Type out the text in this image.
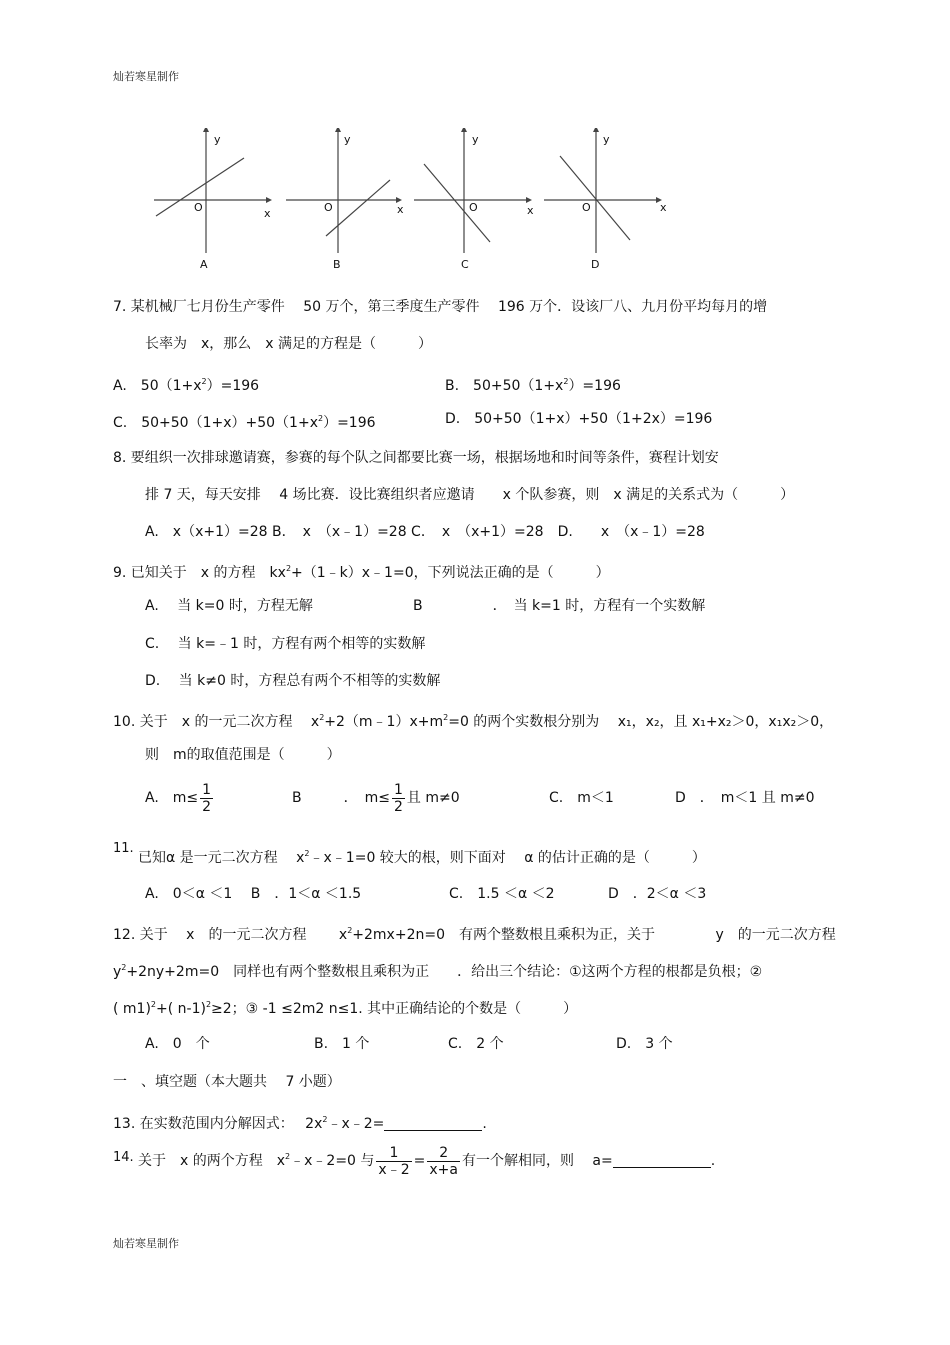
灿若寒星制作
y
O	x
A
y
O	x
B
y
O	x
C
y
O	x
D
7. 某机械厂七月份生产零件　 50 万个，第三季度生产零件　 196 万个．设该厂八、九月份平均每月的增
长率为　x，那么　x 满足的方程是（　　　）
A.　$50(1+x^2)=196$	B.　$50+50(1+x^2)=196$
C.　$50+50(1+x)+50(1+x^2)=196$	D.　50+50（1+x）+50（1+2x）=196
8. 要组织一次排球邀请赛，参赛的每个队之间都要比赛一场，根据场地和时间等条件，赛程计划安
排 7 天，每天安排　 4 场比赛．设比赛组织者应邀请　　x 个队参赛，则　x 满足的关系式为（　　　）
A.　x（x+1）=28 B．　x　（x﹣1）=28 C．　x　（x+1）=28　D.　　x　（x﹣1）=28
9. 已知关于　x 的方程　$kx^2+(1﹣k)x﹣1=0$，下列说法正确的是（　　　）
A.　 当 k=0 时，方程无解	B　　　　　．　当 k=1 时，方程有一个实数解
C.　 当 k=﹣1 时，方程有两个相等的实数解
D.　 当 k≠0 时，方程总有两个不相等的实数解
10. 关于　x 的一元二次方程　 $x^2+2(m﹣1)x+m^2=0$ 的两个实数根分别为　 x₁，x₂，且 x₁+x₂＞0，x₁x₂＞0，
则　m的取值范围是（　　　）
A.　$m\le \frac{1}{2}$	B　　　．　$m\le \frac{1}{2}$ 且 m≠0	C.　m＜1	D　．　m＜1 且 m≠0
11.
已知α 是一元二次方程　 $x^2﹣x﹣1=0$ 较大的根，则下面对　 α 的估计正确的是（　　　）
A.　0＜α ＜1　 B　．1＜α ＜1.5	C.　1.5 ＜α ＜2	D　．2＜α ＜3
12. 关于　 x　的一元二次方程　　 $x^2+2mx+2n=0$　有两个整数根且乘积为正，关于　　　　 y　的一元二次方程
$y^2+2ny+2m=0$　同样也有两个整数根且乘积为正　　．给出三个结论：①这两个方程的根都是负根；②
( m1)$^2$+( n-1)$^2$≥2；③ -1 ≤2m2 n≤1. 其中正确结论的个数是（　　　）
A.　0　个	B.　1 个	C.　2 个	D.　3 个
一　、填空题（本大题共　 7 小题）
13. 在实数范围内分解因式：　 $2x^2﹣x﹣2=$	.
14. 关于　x 的两个方程　$x^2﹣x﹣2=0$ 与 $\frac{1}{x﹣2} = \frac{2}{x+a}$ 有一个解相同，则　 a=	.
灿若寒星制作
